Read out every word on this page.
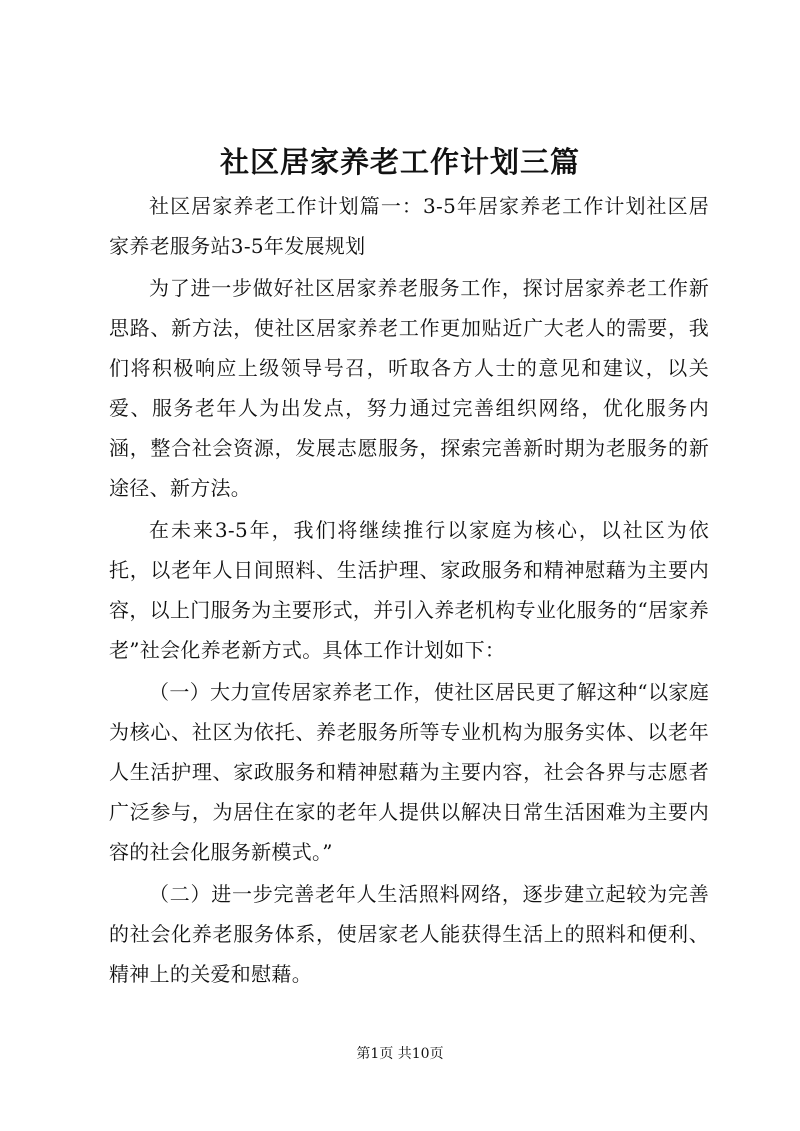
社区居家养老工作计划三篇

社区居家养老工作计划篇一：3-5年居家养老工作计划社区居家养老服务站3-5年发展规划

为了进一步做好社区居家养老服务工作，探讨居家养老工作新思路、新方法，使社区居家养老工作更加贴近广大老人的需要，我们将积极响应上级领导号召，听取各方人士的意见和建议，以关爱、服务老年人为出发点，努力通过完善组织网络，优化服务内涵，整合社会资源，发展志愿服务，探索完善新时期为老服务的新途径、新方法。

在未来3-5年，我们将继续推行以家庭为核心，以社区为依托，以老年人日间照料、生活护理、家政服务和精神慰藉为主要内容，以上门服务为主要形式，并引入养老机构专业化服务的“居家养老”社会化养老新方式。具体工作计划如下：

（一）大力宣传居家养老工作，使社区居民更了解这种“以家庭为核心、社区为依托、养老服务所等专业机构为服务实体、以老年人生活护理、家政服务和精神慰藉为主要内容，社会各界与志愿者广泛参与，为居住在家的老年人提供以解决日常生活困难为主要内容的社会化服务新模式。”

（二）进一步完善老年人生活照料网络，逐步建立起较为完善的社会化养老服务体系，使居家老人能获得生活上的照料和便利、精神上的关爱和慰藉。

第1页 共10页
